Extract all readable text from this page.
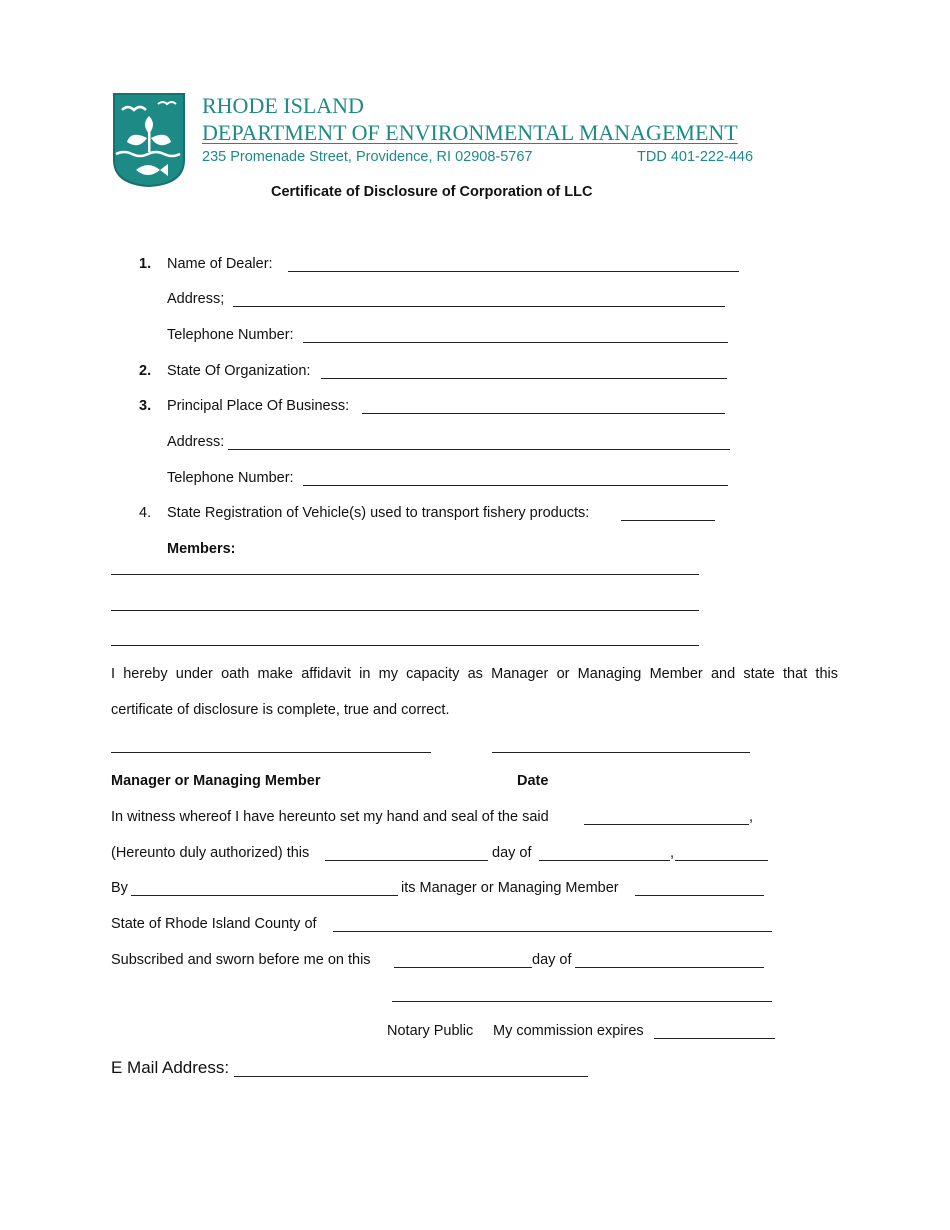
RHODE ISLAND
DEPARTMENT OF ENVIRONMENTAL MANAGEMENT
235 Promenade Street, Providence, RI 02908-5767	TDD 401-222-446
Certificate of Disclosure of Corporation of LLC
1. Name of Dealer:
Address;
Telephone Number:
2. State Of Organization:
3. Principal Place Of Business:
Address:
Telephone Number:
4. State Registration of Vehicle(s) used to transport fishery products:
Members:
I hereby under oath make affidavit in my capacity as Manager or Managing Member and state that this
certificate of disclosure is complete, true and correct.
Manager or Managing Member	Date
In witness whereof I have hereunto set my hand and seal of the said	,
(Hereunto duly authorized) this	day of	,
By	its Manager or Managing Member
State of Rhode Island County of
Subscribed and sworn before me on this	day of
Notary Public My commission expires
E Mail Address:
